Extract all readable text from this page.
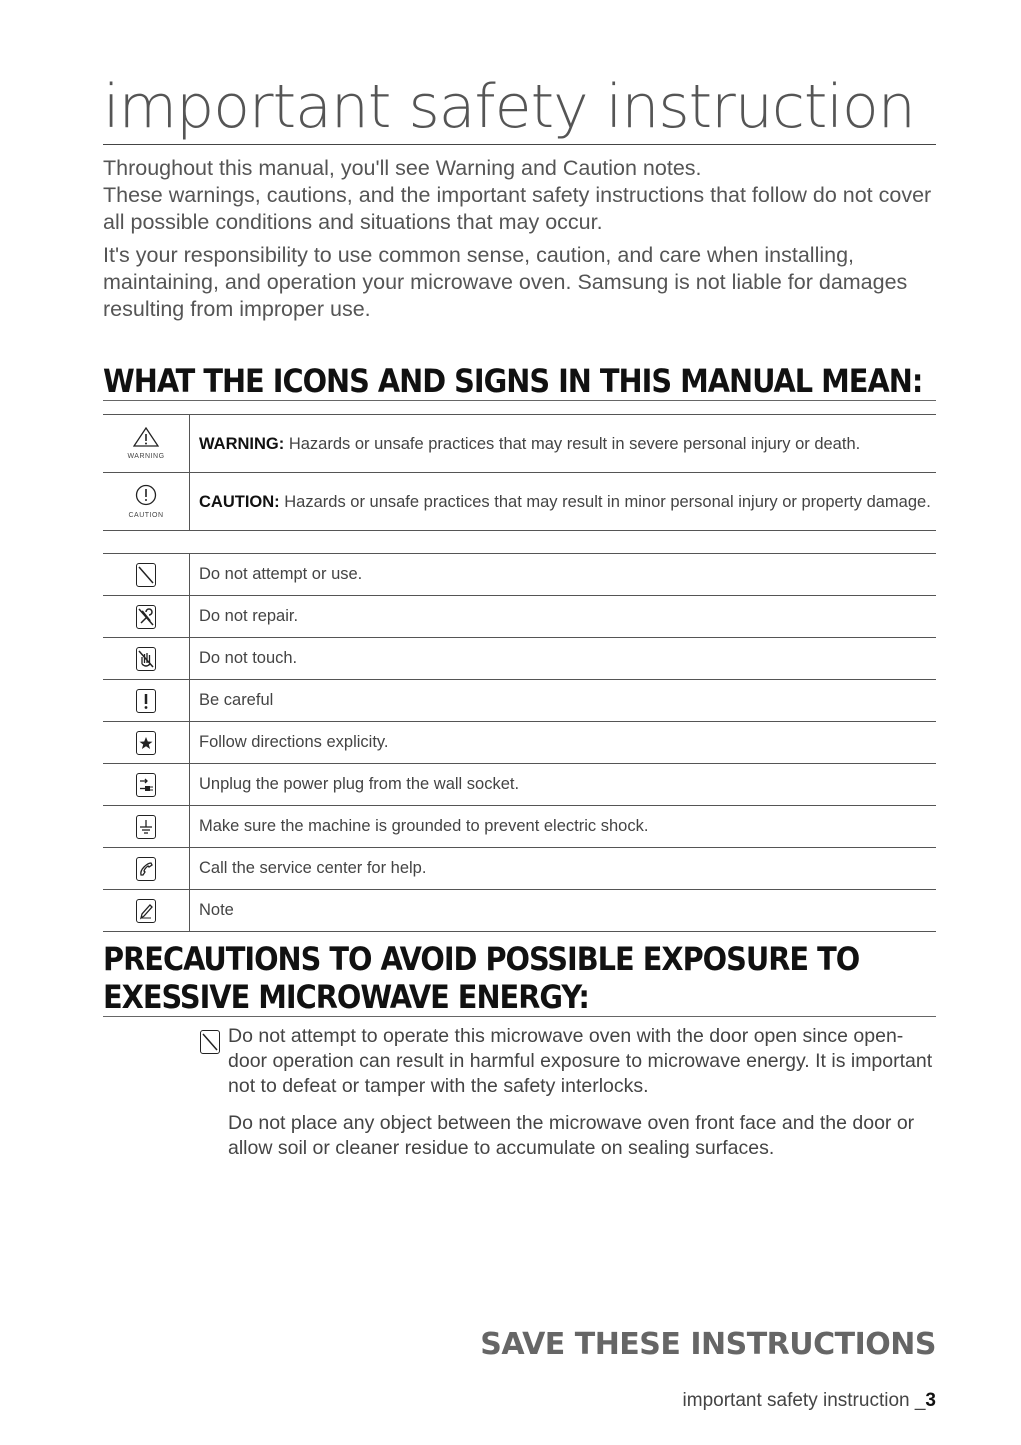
important safety instruction

Throughout this manual, you'll see Warning and Caution notes.
These warnings, cautions, and the important safety instructions that follow do not cover all possible conditions and situations that may occur.

It's your responsibility to use common sense, caution, and care when installing, maintaining, and operation your microwave oven. Samsung is not liable for damages resulting from improper use.

WHAT THE ICONS AND SIGNS IN THIS MANUAL MEAN:
WARNING	WARNING: Hazards or unsafe practices that may result in severe personal injury or death.

CAUTION	CAUTION: Hazards or unsafe practices that may result in minor personal injury or property damage.
	Do not attempt or use.
	Do not repair.
	Do not touch.
	Be careful
	Follow directions explicity.
	Unplug the power plug from the wall socket.
	Make sure the machine is grounded to prevent electric shock.
	Call the service center for help.
	Note
PRECAUTIONS TO AVOID POSSIBLE EXPOSURE TO
EXESSIVE MICROWAVE ENERGY:

Do not attempt to operate this microwave oven with the door open since open-door operation can result in harmful exposure to microwave energy. It is important not to defeat or tamper with the safety interlocks.

Do not place any object between the microwave oven front face and the door or allow soil or cleaner residue to accumulate on sealing surfaces.

SAVE THESE INSTRUCTIONS
important safety instruction _3
